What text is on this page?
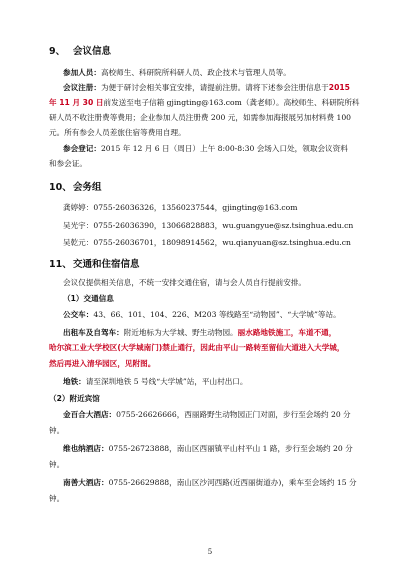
9、 会议信息
参加人员：高校师生、科研院所科研人员、政企技术与管理人员等。
会议注册：为便于研讨会相关事宜安排，请提前注册。请将下述参会注册信息于2015
年 11 月 30 日前发送至电子信箱 gjingting@163.com（龚老师）。高校师生、科研院所科
研人员不收注册费等费用；企业参加人员注册费 200 元，如需参加海报展另加材料费 100
元。所有参会人员差旅住宿等费用自理。
参会登记：2015 年 12 月 6 日（周日）上午 8:00-8:30 会场入口处，领取会议资料
和参会证。
10、会务组
龚婷婷：0755-26036326，13560237544，gjingting@163.com
吴光宇：0755-26036390，13066828883，wu.guangyue@sz.tsinghua.edu.cn
吴乾元：0755-26036701，18098914562，wu.qianyuan@sz.tsinghua.edu.cn
11、交通和住宿信息
会议仅提供相关信息，不统一安排交通住宿，请与会人员自行提前安排。
（1）交通信息
公交车：43、66、101、104、226、M203 等线路至“动物园”、“大学城”等站。
出租车及自驾车：附近地标为大学城、野生动物园。丽水路地铁施工，车道不通，
哈尔滨工业大学校区(大学城南门)禁止通行，因此由平山一路转至留仙大道进入大学城，
然后再进入清华园区，见附图。
地铁：请至深圳地铁 5 号线“大学城”站，平山村出口。
（2）附近宾馆
金百合大酒店：0755-26626666，西丽路野生动物园正门对面，步行至会场约 20 分
钟。
维也纳酒店：0755-26723888，南山区西丽镇平山村平山 1 路，步行至会场约 20 分
钟。
南善大酒店：0755-26629888，南山区沙河西路(近西丽街道办)，乘车至会场约 15 分
钟。
5
